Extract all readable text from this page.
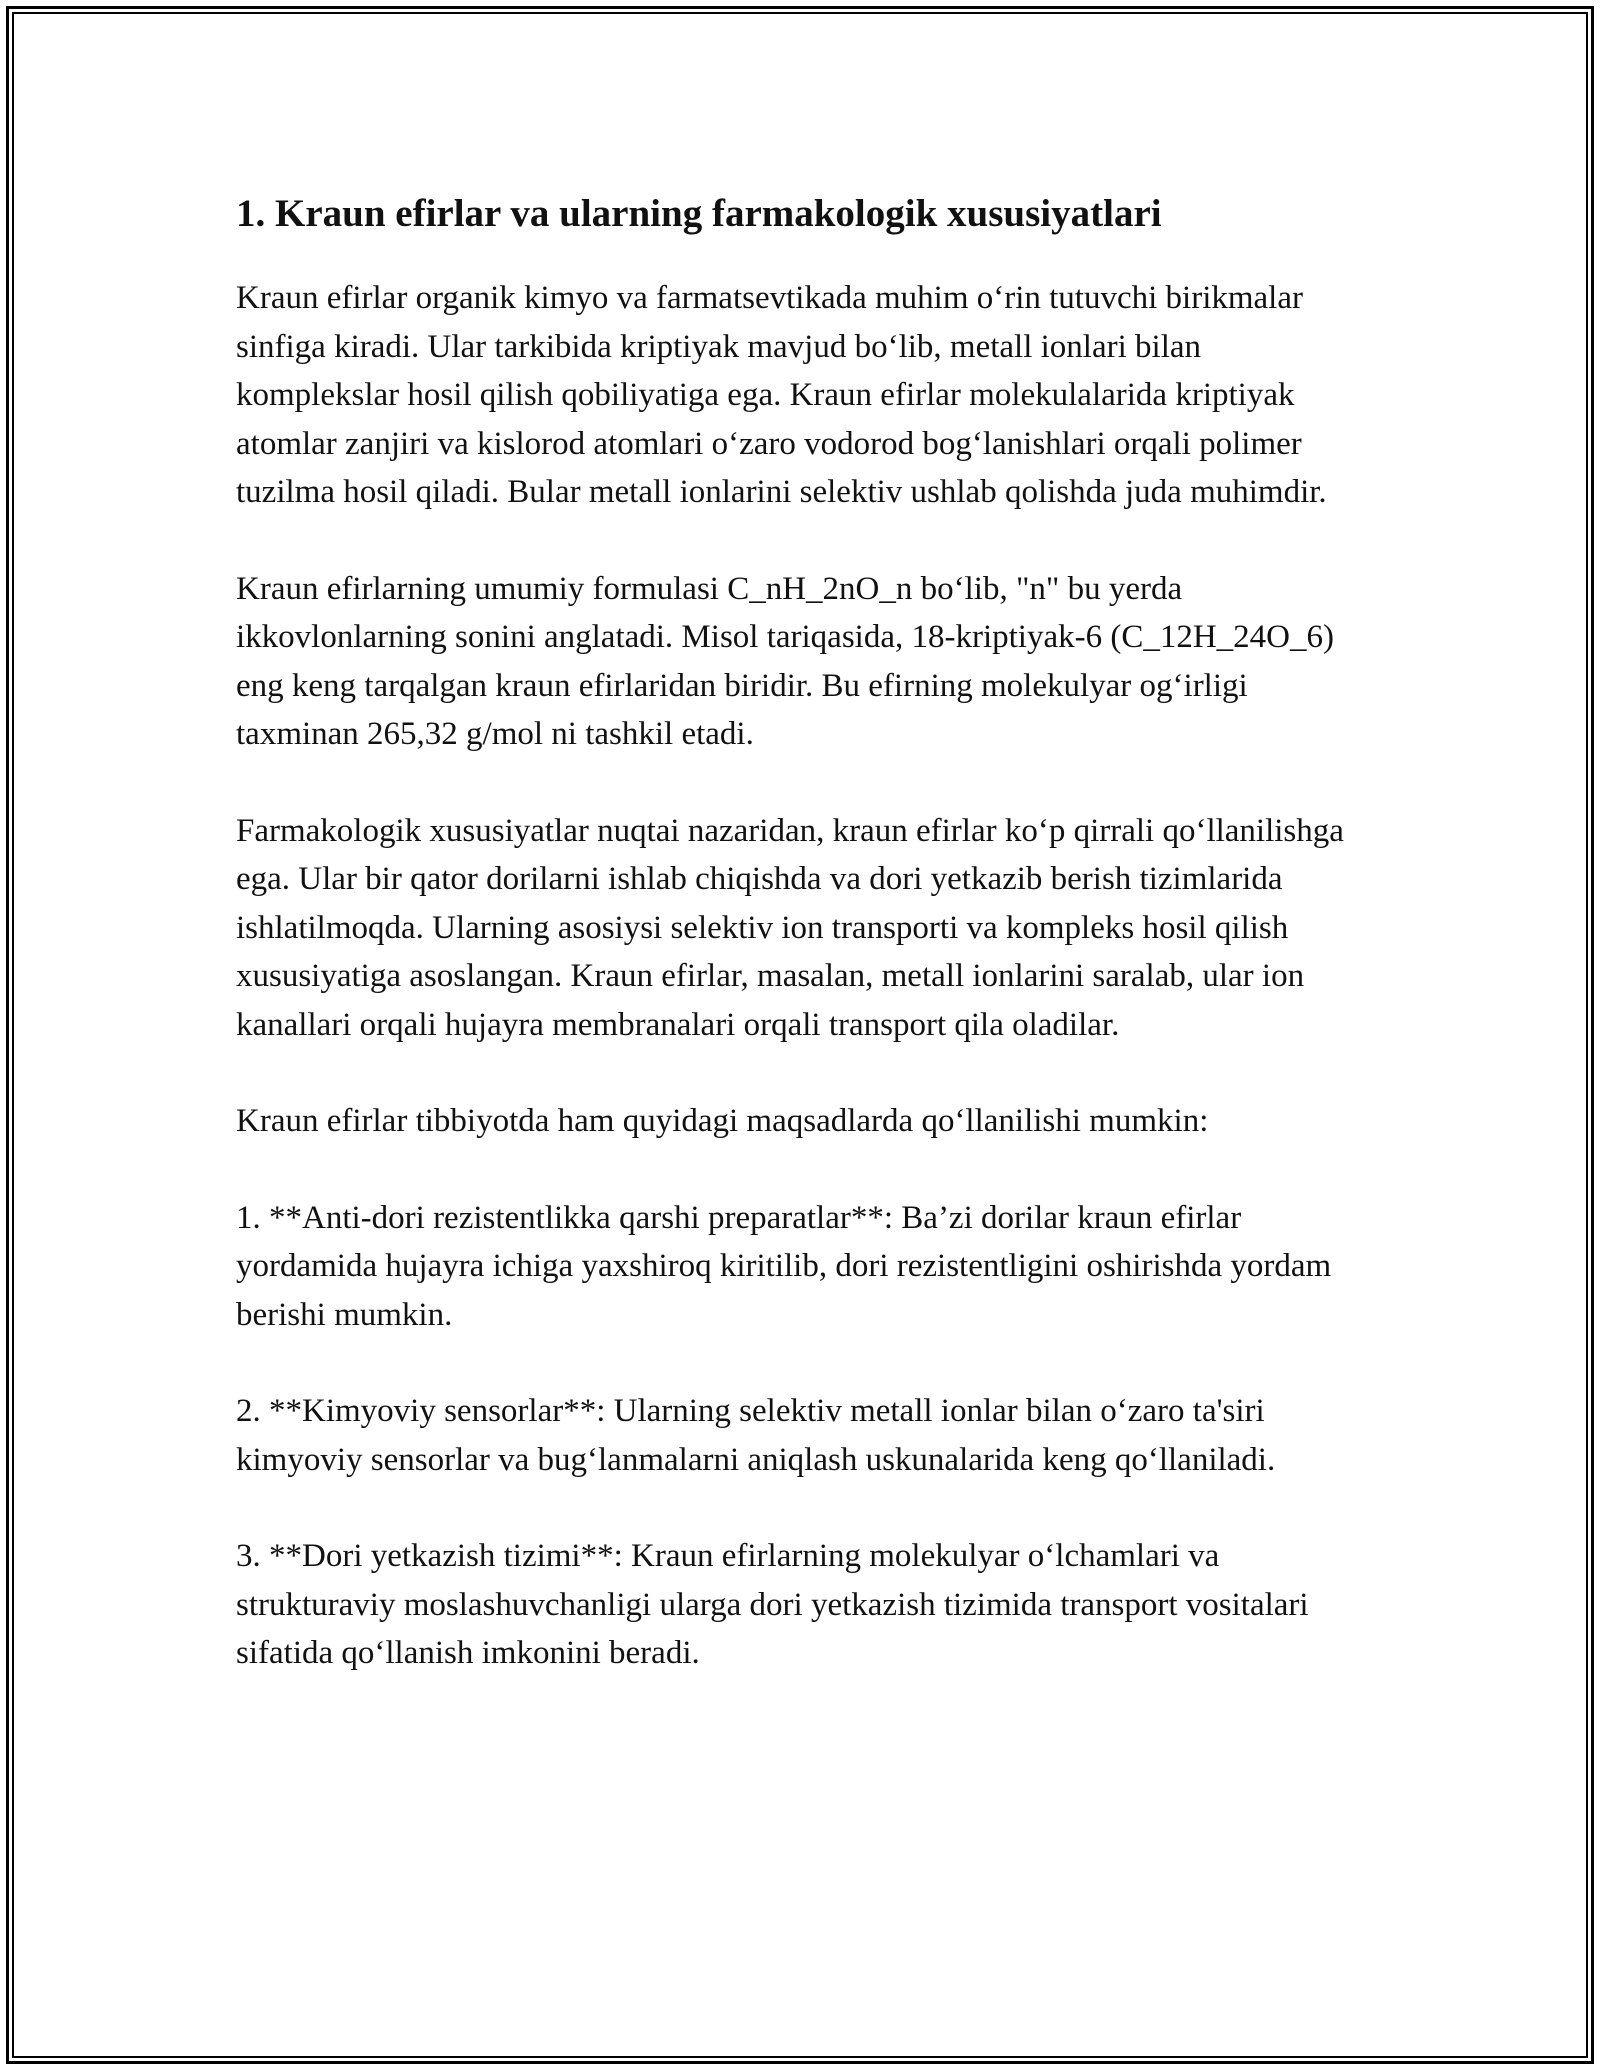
1. Kraun efirlar va ularning farmakologik xususiyatlari

Kraun efirlar organik kimyo va farmatsevtikada muhim o‘rin tutuvchi birikmalar sinfiga kiradi. Ular tarkibida kriptiyak mavjud bo‘lib, metall ionlari bilan komplekslar hosil qilish qobiliyatiga ega. Kraun efirlar molekulalarida kriptiyak atomlar zanjiri va kislorod atomlari o‘zaro vodorod bog‘lanishlari orqali polimer tuzilma hosil qiladi. Bular metall ionlarini selektiv ushlab qolishda juda muhimdir.

Kraun efirlarning umumiy formulasi C_nH_2nO_n bo‘lib, "n" bu yerda ikkovlonlarning sonini anglatadi. Misol tariqasida, 18-kriptiyak-6 (C_12H_24O_6) eng keng tarqalgan kraun efirlaridan biridir. Bu efirning molekulyar og‘irligi taxminan 265,32 g/mol ni tashkil etadi.

Farmakologik xususiyatlar nuqtai nazaridan, kraun efirlar ko‘p qirrali qo‘llanilishga ega. Ular bir qator dorilarni ishlab chiqishda va dori yetkazib berish tizimlarida ishlatilmoqda. Ularning asosiysi selektiv ion transporti va kompleks hosil qilish xususiyatiga asoslangan. Kraun efirlar, masalan, metall ionlarini saralab, ular ion kanallari orqali hujayra membranalari orqali transport qila oladilar.

Kraun efirlar tibbiyotda ham quyidagi maqsadlarda qo‘llanilishi mumkin:

1. **Anti-dori rezistentlikka qarshi preparatlar**: Ba’zi dorilar kraun efirlar yordamida hujayra ichiga yaxshiroq kiritilib, dori rezistentligini oshirishda yordam berishi mumkin.

2. **Kimyoviy sensorlar**: Ularning selektiv metall ionlar bilan o‘zaro ta'siri kimyoviy sensorlar va bug‘lanmalarni aniqlash uskunalarida keng qo‘llaniladi.

3. **Dori yetkazish tizimi**: Kraun efirlarning molekulyar o‘lchamlari va strukturaviy moslashuvchanligi ularga dori yetkazish tizimida transport vositalari sifatida qo‘llanish imkonini beradi.
